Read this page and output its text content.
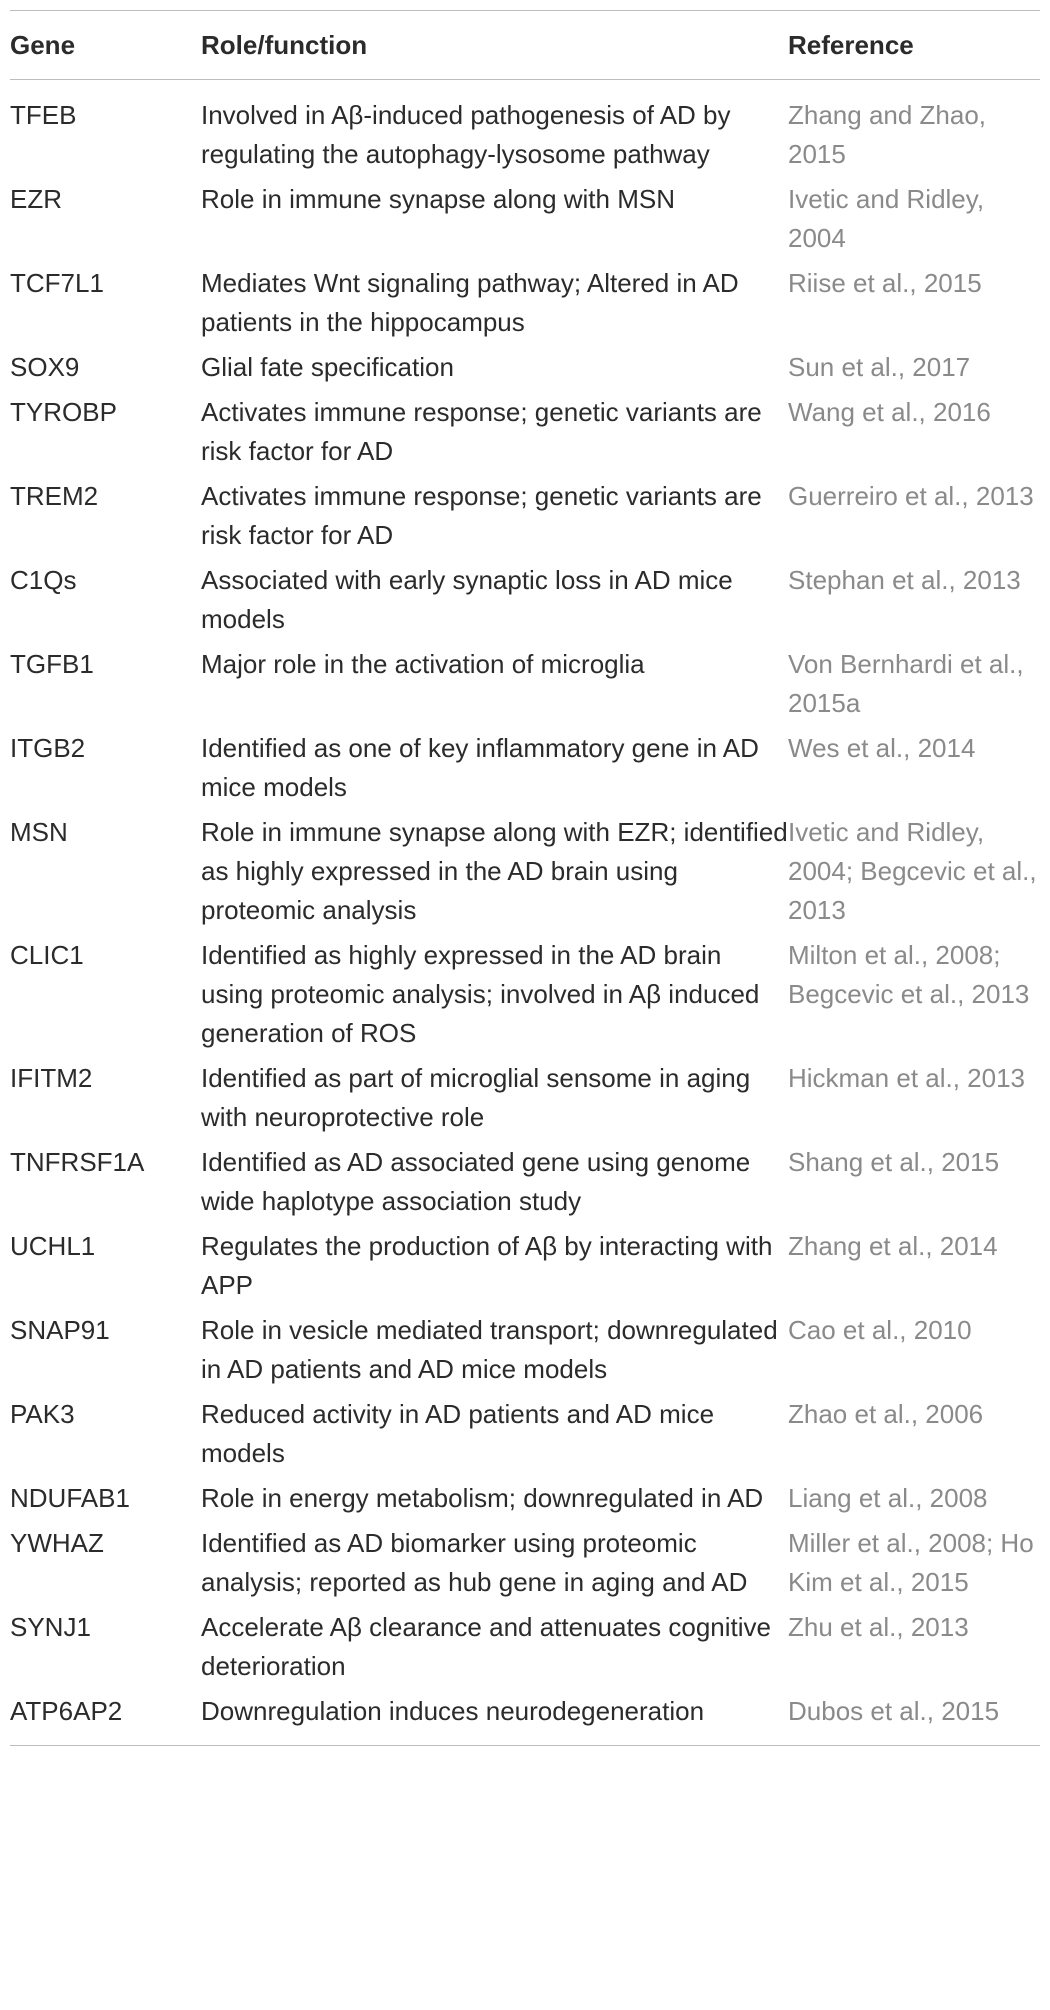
Gene	Role/function	Reference
TFEB	Involved in Aβ-induced pathogenesis of AD by regulating the autophagy-lysosome pathway	Zhang and Zhao, 2015
EZR	Role in immune synapse along with MSN	Ivetic and Ridley, 2004
TCF7L1	Mediates Wnt signaling pathway; Altered in AD patients in the hippocampus	Riise et al., 2015
SOX9	Glial fate specification	Sun et al., 2017
TYROBP	Activates immune response; genetic variants are risk factor for AD	Wang et al., 2016
TREM2	Activates immune response; genetic variants are risk factor for AD	Guerreiro et al., 2013
C1Qs	Associated with early synaptic loss in AD mice models	Stephan et al., 2013
TGFB1	Major role in the activation of microglia	Von Bernhardi et al., 2015a
ITGB2	Identified as one of key inflammatory gene in AD mice models	Wes et al., 2014
MSN	Role in immune synapse along with EZR; identified as highly expressed in the AD brain using proteomic analysis	Ivetic and Ridley, 2004; Begcevic et al., 2013
CLIC1	Identified as highly expressed in the AD brain using proteomic analysis; involved in Aβ induced generation of ROS	Milton et al., 2008; Begcevic et al., 2013
IFITM2	Identified as part of microglial sensome in aging with neuroprotective role	Hickman et al., 2013
TNFRSF1A	Identified as AD associated gene using genome wide haplotype association study	Shang et al., 2015
UCHL1	Regulates the production of Aβ by interacting with APP	Zhang et al., 2014
SNAP91	Role in vesicle mediated transport; downregulated in AD patients and AD mice models	Cao et al., 2010
PAK3	Reduced activity in AD patients and AD mice models	Zhao et al., 2006
NDUFAB1	Role in energy metabolism; downregulated in AD	Liang et al., 2008
YWHAZ	Identified as AD biomarker using proteomic analysis; reported as hub gene in aging and AD	Miller et al., 2008; Ho Kim et al., 2015
SYNJ1	Accelerate Aβ clearance and attenuates cognitive deterioration	Zhu et al., 2013
ATP6AP2	Downregulation induces neurodegeneration	Dubos et al., 2015
